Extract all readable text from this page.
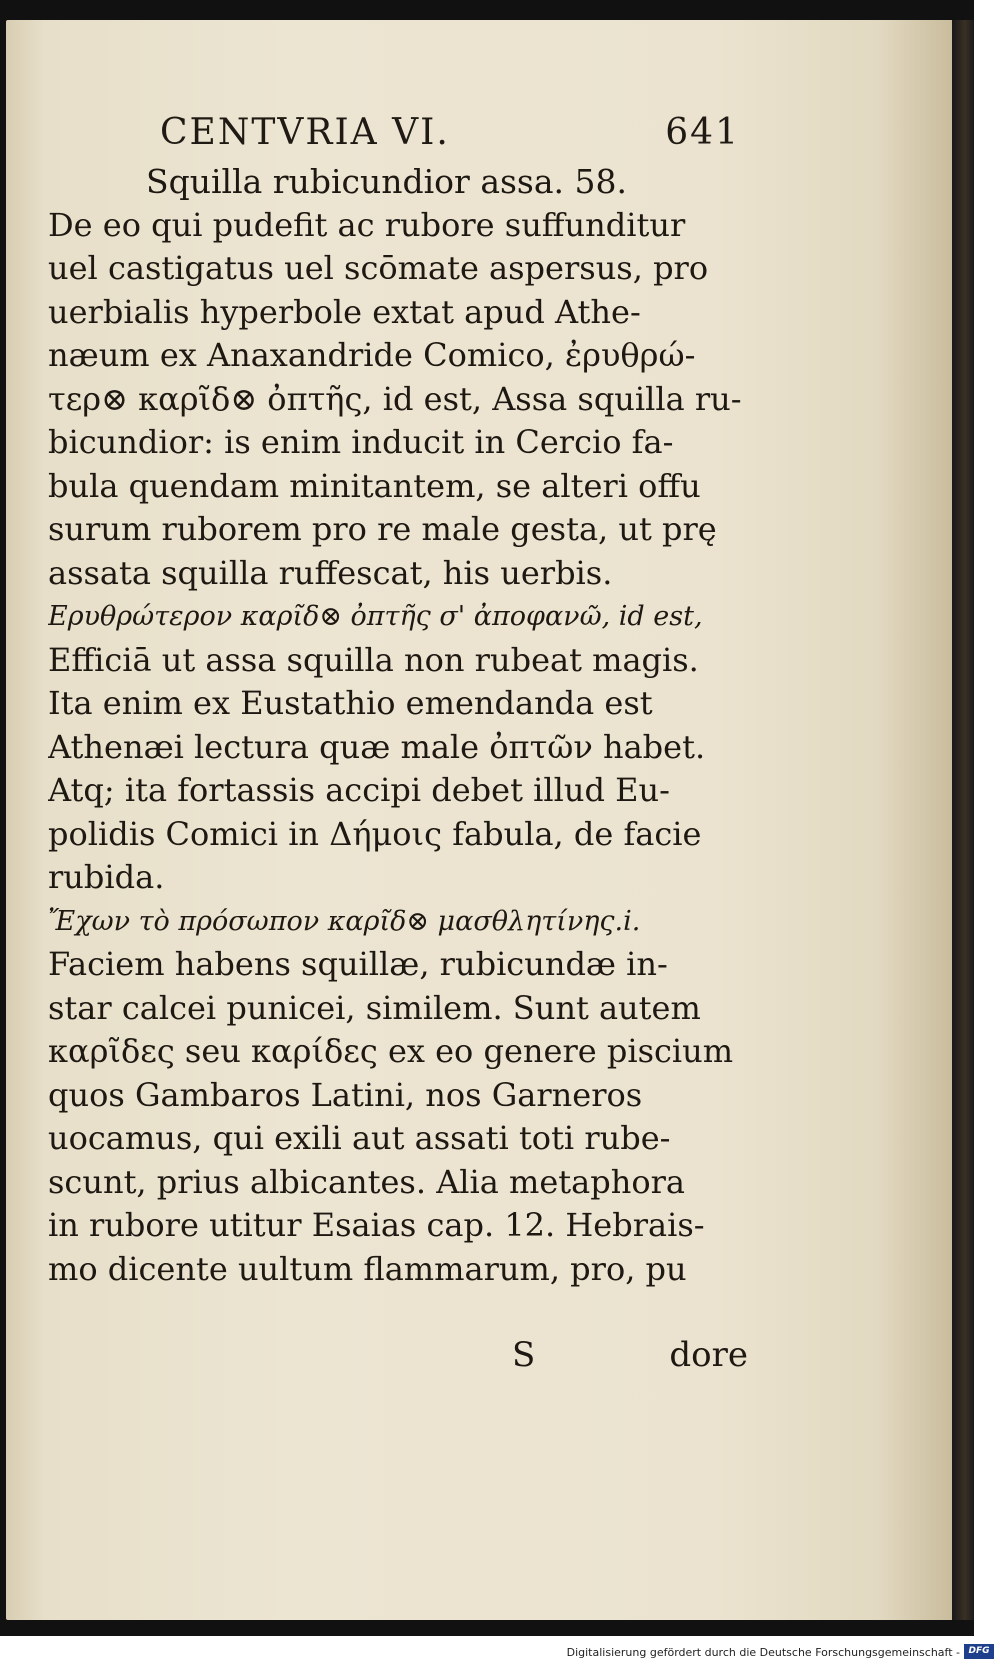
CENTVRIA VI.	641
Squilla rubicundior assa. 58.
De eo qui pudefit ac rubore suffunditur
uel castigatus uel scōmate aspersus, pro
uerbialis hyperbole extat apud Athe-
næum ex Anaxandride Comico, ἐρυθρώ-
τερ⊗ καρῖδ⊗ ὀπτῆς, id est, Assa squilla ru-
bicundior: is enim inducit in Cercio fa-
bula quendam minitantem, se alteri offu
surum ruborem pro re male gesta, ut prę
assata squilla ruffescat, his uerbis.
Ερυθρώτερον καρῖδ⊗ ὀπτῆς σ' ἀποφανῶ, id est,
Efficiā ut assa squilla non rubeat magis.
Ita enim ex Eustathio emendanda est
Athenæi lectura quæ male ὀπτῶν habet.
Atq; ita fortassis accipi debet illud Eu-
polidis Comici in Δήμοις fabula, de facie
rubida.
Ἔχων τὸ πρόσωπον καρῖδ⊗ μασθλητίνης.i.
Faciem habens squillæ, rubicundæ in-
star calcei punicei, similem. Sunt autem
καρῖδες seu καρίδες ex eo genere piscium
quos Gambaros Latini, nos Garneros
uocamus, qui exili aut assati toti rube-
scunt, prius albicantes. Alia metaphora
in rubore utitur Esaias cap. 12. Hebrais-
mo dicente uultum flammarum, pro, pu
S	dore
Digitalisierung gefördert durch die Deutsche Forschungsgemeinschaft - DFG
